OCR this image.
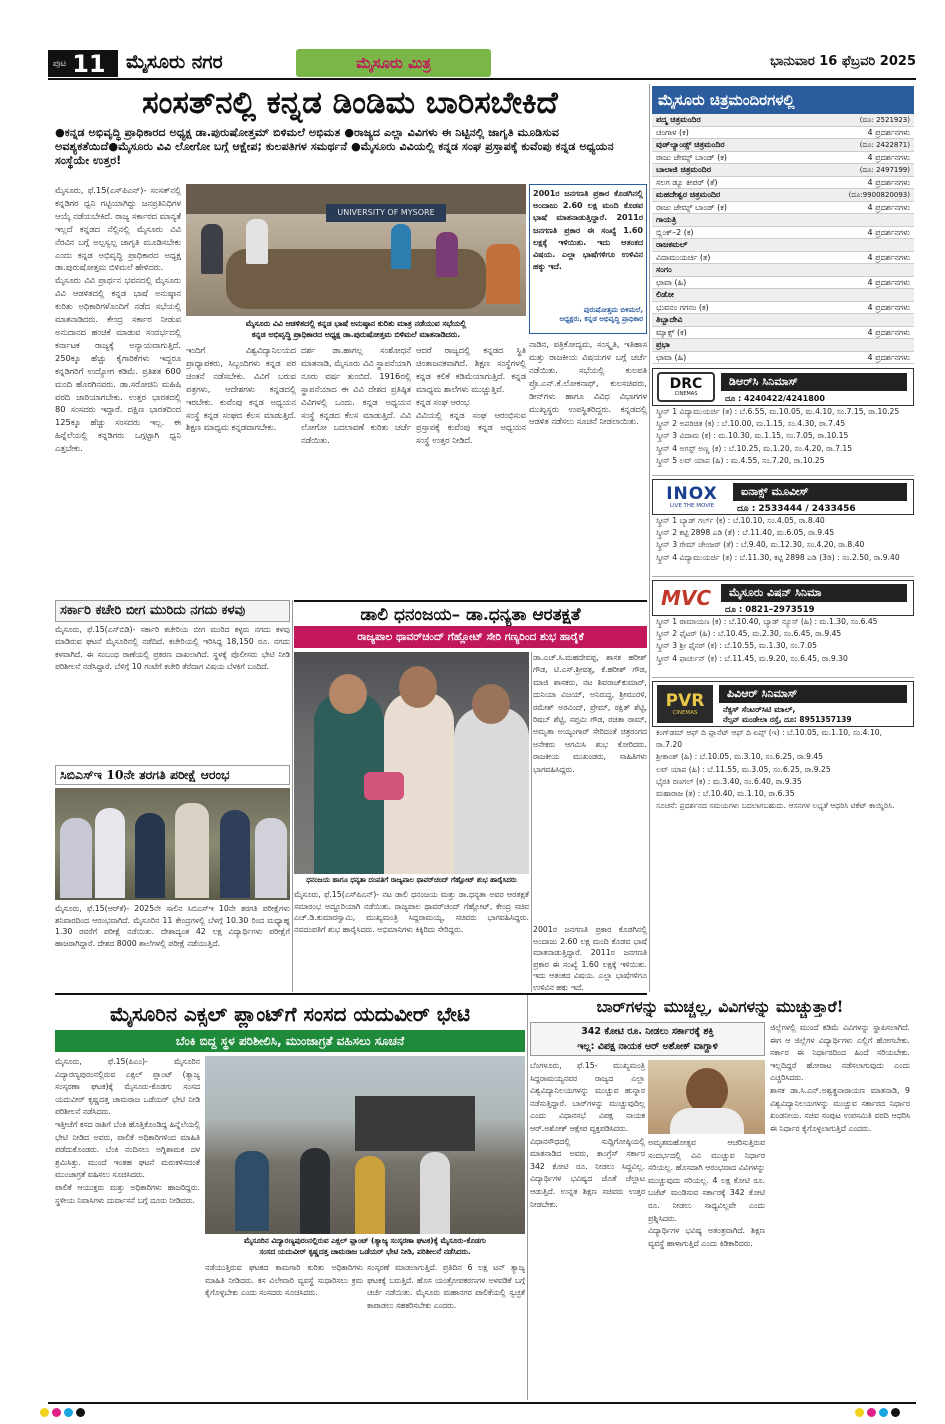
ಪುಟ 11 ಮೈಸೂರು ನಗರ	ಮೈಸೂರು ಮಿತ್ರ	ಭಾನುವಾರ 16 ಫೆಬ್ರವರಿ 2025
ಸಂಸತ್‌ನಲ್ಲಿ ಕನ್ನಡ ಡಿಂಡಿಮ ಬಾರಿಸಬೇಕಿದೆ
●ಕನ್ನಡ ಅಭಿವೃದ್ಧಿ ಪ್ರಾಧಿಕಾರದ ಅಧ್ಯಕ್ಷ ಡಾ.ಪುರುಷೋತ್ತಮ್ ಬಿಳಿಮಲೆ ಅಭಿಮತ ●ರಾಜ್ಯದ ಎಲ್ಲಾ ವಿವಿಗಳು ಈ ನಿಟ್ಟಿನಲ್ಲಿ ಜಾಗೃತಿ ಮೂಡಿಸುವ ಅವಶ್ಯಕತೆಯಿದೆ●ಮೈಸೂರು ವಿವಿ ಲೋಗೋ ಬಗ್ಗೆ ಆಕ್ಷೇಪ; ಕುಲಪತಿಗಳ ಸಮರ್ಥನೆ ●ಮೈಸೂರು ವಿವಿಯಲ್ಲಿ ಕನ್ನಡ ಸಂಘ ಪ್ರಸ್ತಾಪಕ್ಕೆ ಕುವೆಂಪು ಕನ್ನಡ ಅಧ್ಯಯನ ಸಂಸ್ಥೆಯೇ ಉತ್ತರ!
ಮೈಸೂರು, ಫೆ.15(ಎಸ್‌ಪಿಎನ್)- ಸಂಸತ್‌ನಲ್ಲಿ ಕನ್ನಡಿಗರ ಧ್ವನಿ ಗಟ್ಟಿಯಾಗಿದ್ದು ಜನಪ್ರತಿನಿಧಿಗಳ ಆಯ್ಕೆ ನಡೆಯಬೇಕಿದೆ. ರಾಜ್ಯ ಸರ್ಕಾರದ ಮಾನ್ಯತೆ ಇಲ್ಲದೆ ಕನ್ನಡದ ನೆಲ್ಲಿನಲ್ಲಿ ಮೈಸೂರು ವಿವಿ ನೆರವಿನ ಬಗ್ಗೆ ಅಲ್ಪಸ್ವಲ್ಪ ಜಾಗೃತಿ ಮೂಡಿಸಬೇಕು ಎಂದು ಕನ್ನಡ ಅಭಿವೃದ್ಧಿ ಪ್ರಾಧಿಕಾರದ ಅಧ್ಯಕ್ಷ ಡಾ.ಪುರುಷೋತ್ತಮ ಬಿಳಿಮಲೆ ಹೇಳಿದರು.
ಮೈಸೂರು ವಿವಿ ಪ್ರಾರ್ಥನ ಭವನದಲ್ಲಿ ಮೈಸೂರು ವಿವಿ ಆಡಳಿತದಲ್ಲಿ ಕನ್ನಡ ಭಾಷೆ ಅನುಷ್ಠಾನ ಕುರಿತು ಅಧಿಕಾರಿಗಳೊಂದಿಗೆ ನಡೆದ ಸಭೆಯಲ್ಲಿ ಮಾತನಾಡಿದರು. ಕೇಂದ್ರ ಸರ್ಕಾರ ನೀಡುವ ಅನುದಾನದ ಹಂಚಿಕೆ ಮಾಡುವ ಸಂದರ್ಭದಲ್ಲಿ ಕರ್ನಾಟಕ ರಾಜ್ಯಕ್ಕೆ ಅನ್ಯಾಯವಾಗುತ್ತಿದೆ. 250ಕ್ಕೂ ಹೆಚ್ಚು ಕೈಗಾರಿಕೆಗಳು ಇದ್ದರೂ ಕನ್ನಡಿಗರಿಗೆ ಉದ್ಯೋಗ ಕಡಿಮೆ. ಪ್ರತಿಶತ 600 ಮಂದಿ ಹೊರಗಿನವರು. ಡಾ.ಸರೋಜಿನಿ ಮಹಿಷಿ ವರದಿ ಜಾರಿಯಾಗಬೇಕು. ಉತ್ತರ ಭಾರತದಲ್ಲಿ 80 ಸಂಸದರು ಇದ್ದಾರೆ. ದಕ್ಷಿಣ ಭಾರತದಿಂದ 125ಕ್ಕೂ ಹೆಚ್ಚು ಸಂಸದರು ಇಲ್ಲ. ಈ ಹಿನ್ನೆಲೆಯಲ್ಲಿ ಕನ್ನಡಿಗರು ಒಗ್ಗಟ್ಟಾಗಿ ಧ್ವನಿ ಎತ್ತಬೇಕು.
UNIVERSITY OF MYSORE
ಮೈಸೂರು ವಿವಿ ಆಡಳಿತದಲ್ಲಿ ಕನ್ನಡ ಭಾಷೆ ಅನುಷ್ಠಾನ ಕುರಿತು ಮಾತ್ರ ನಡೆಯುವ ಸಭೆಯಲ್ಲಿ
ಕನ್ನಡ ಅಭಿವೃದ್ಧಿ ಪ್ರಾಧಿಕಾರದ ಅಧ್ಯಕ್ಷ ಡಾ.ಪುರುಷೋತ್ತಮ ಬಿಳಿಮಲೆ ಮಾತನಾಡಿದರು.
2001ರ ಜನಗಣತಿ ಪ್ರಕಾರ ಕೊಡಗಿನಲ್ಲಿ ಅಂದಾಜು 2.60 ಲಕ್ಷ ಮಂದಿ ಕೊಡವ ಭಾಷೆ ಮಾತನಾಡುತ್ತಿದ್ದಾರೆ. 2011ರ ಜನಗಣತಿ ಪ್ರಕಾರ ಈ ಸಂಖ್ಯೆ 1.60 ಲಕ್ಷಕ್ಕೆ ಇಳಿಯಿತು. ಇದು ಆತಂಕದ ವಿಷಯ. ಎಲ್ಲಾ ಭಾಷೆಗಳಿಗೂ ಉಳಿವಿನ ಹಕ್ಕು ಇದೆ.
ಪುರುಷೋತ್ತಮ ಬಿಳಿಮಲೆ,
ಅಧ್ಯಕ್ಷರು, ಕನ್ನಡ ಅಭಿವೃದ್ಧಿ ಪ್ರಾಧಿಕಾರ
ಇಂದಿಗೆ ವಿಶ್ವವಿದ್ಯಾನಿಲಯದ ಪ್ರಾಧ್ಯಾಪಕರು, ಸಿಬ್ಬಂದಿಗಳು ಕನ್ನಡ ಪರ ಚಿಂತನೆ ನಡೆಸಬೇಕು. ವಿವಿಗೆ ಬರುವ ಪತ್ರಗಳು, ಆದೇಶಗಳು ಕನ್ನಡದಲ್ಲಿ ಇರಬೇಕು. ಕುವೆಂಪು ಕನ್ನಡ ಅಧ್ಯಯನ ಸಂಸ್ಥೆ ಕನ್ನಡ ಸಂಘದ ಕೆಲಸ ಮಾಡುತ್ತಿದೆ. ಶಿಕ್ಷಣ ಮಾಧ್ಯಮ ಕನ್ನಡವಾಗಬೇಕು.
ದರ್ಶ ಡಾ.ಹಾಗಲ್ಲ ಸಂಶೋಧನೆ ಮಾತನಾಡಿ, ಮೈಸೂರು ವಿವಿ ಸ್ಥಾಪನೆಯಾಗಿ ನೂರು ವರ್ಷ ತುಂಬಿದೆ. 1916ರಲ್ಲಿ ಸ್ಥಾಪನೆಯಾದ ಈ ವಿವಿ ದೇಶದ ಪ್ರತಿಷ್ಠಿತ ವಿವಿಗಳಲ್ಲಿ ಒಂದು. ಕನ್ನಡ ಅಧ್ಯಯನ ಸಂಸ್ಥೆ ಕನ್ನಡದ ಕೆಲಸ ಮಾಡುತ್ತಿದೆ. ವಿವಿ ಲೋಗೋ ಬದಲಾವಣೆ ಕುರಿತು ಚರ್ಚೆ ನಡೆಯಿತು.
ಆದರೆ ರಾಜ್ಯದಲ್ಲಿ ಕನ್ನಡದ ಸ್ಥಿತಿ ಚಿಂತಾಜನಕವಾಗಿದೆ. ಶಿಕ್ಷಣ ಸಂಸ್ಥೆಗಳಲ್ಲಿ ಕನ್ನಡ ಕಲಿಕೆ ಕಡಿಮೆಯಾಗುತ್ತಿದೆ. ಕನ್ನಡ ಮಾಧ್ಯಮ ಶಾಲೆಗಳು ಮುಚ್ಚುತ್ತಿವೆ.
ಕನ್ನಡ ಸಂಘ ಆರಂಭ
ವಿವಿಯಲ್ಲಿ ಕನ್ನಡ ಸಂಘ ಆರಂಭಿಸುವ ಪ್ರಸ್ತಾಪಕ್ಕೆ ಕುವೆಂಪು ಕನ್ನಡ ಅಧ್ಯಯನ ಸಂಸ್ಥೆ ಉತ್ತರ ನೀಡಿದೆ.
ನಾಡಿನ, ಪತ್ರಿಕೋದ್ಯಮ, ಸಂಸ್ಕೃತಿ, ಇತಿಹಾಸ ಮತ್ತು ರಾಜಕೀಯ ವಿಷಯಗಳ ಬಗ್ಗೆ ಚರ್ಚೆ ನಡೆಯಿತು. ಸಭೆಯಲ್ಲಿ ಕುಲಪತಿ ಪ್ರೊ.ಎನ್.ಕೆ.ಲೋಕನಾಥ್, ಕುಲಸಚಿವರು, ಡೀನ್‌ಗಳು ಹಾಗೂ ವಿವಿಧ ವಿಭಾಗಗಳ ಮುಖ್ಯಸ್ಥರು ಉಪಸ್ಥಿತರಿದ್ದರು. ಕನ್ನಡದಲ್ಲಿ ಆಡಳಿತ ನಡೆಸಲು ಸೂಚನೆ ನೀಡಲಾಯಿತು.
ಸರ್ಕಾರಿ ಕಚೇರಿ ಬೀಗ ಮುರಿದು ನಗದು ಕಳವು
ಮೈಸೂರು, ಫೆ.15(ಎಸ್‌ಬಿಡಿ)- ಸರ್ಕಾರಿ ಕಚೇರಿಯ ಬೀಗ ಮುರಿದ ಕಳ್ಳರು ನಗದು ಕಳವು ಮಾಡಿರುವ ಘಟನೆ ಮೈಸೂರಿನಲ್ಲಿ ನಡೆದಿದೆ. ಕಚೇರಿಯಲ್ಲಿ ಇರಿಸಿದ್ದ 18,150 ರೂ. ನಗದು ಕಳವಾಗಿದೆ. ಈ ಸಂಬಂಧ ಠಾಣೆಯಲ್ಲಿ ಪ್ರಕರಣ ದಾಖಲಾಗಿದೆ. ಸ್ಥಳಕ್ಕೆ ಪೊಲೀಸರು ಭೇಟಿ ನೀಡಿ ಪರಿಶೀಲನೆ ನಡೆಸಿದ್ದಾರೆ. ಬೆಳಿಗ್ಗೆ 10 ಗಂಟೆಗೆ ಕಚೇರಿ ತೆರೆದಾಗ ವಿಷಯ ಬೆಳಕಿಗೆ ಬಂದಿದೆ.
ಸಿಬಿಎಸ್‌ಇ 10ನೇ ತರಗತಿ ಪರೀಕ್ಷೆ ಆರಂಭ
ಮೈಸೂರು, ಫೆ.15(ಆರ್‌ಕೆ)- 2025ನೇ ಸಾಲಿನ ಸಿಬಿಎಸ್‌ಇ 10ನೇ ತರಗತಿ ಪರೀಕ್ಷೆಗಳು ಶನಿವಾರದಿಂದ ಆರಂಭವಾಗಿದೆ. ಮೈಸೂರಿನ 11 ಕೇಂದ್ರಗಳಲ್ಲಿ ಬೆಳಗ್ಗೆ 10.30 ರಿಂದ ಮಧ್ಯಾಹ್ನ 1.30 ರವರೆಗೆ ಪರೀಕ್ಷೆ ನಡೆಯಿತು. ದೇಶಾದ್ಯಂತ 42 ಲಕ್ಷ ವಿದ್ಯಾರ್ಥಿಗಳು ಪರೀಕ್ಷೆಗೆ ಹಾಜರಾಗಿದ್ದಾರೆ. ದೇಶದ 8000 ಶಾಲೆಗಳಲ್ಲಿ ಪರೀಕ್ಷೆ ನಡೆಯುತ್ತಿದೆ.
ಡಾಲಿ ಧನಂಜಯ– ಡಾ.ಧನ್ಯತಾ ಆರತಕ್ಷತೆ
ರಾಜ್ಯಪಾಲ ಥಾವರ್‌ಚಂದ್ ಗೆಹ್ಲೋಟ್ ಸೇರಿ ಗಣ್ಯರಿಂದ ಶುಭ ಹಾರೈಕೆ
ಧನಂಜಯ ಹಾಗೂ ಧನ್ಯತಾ ದಂಪತಿಗೆ ರಾಜ್ಯಪಾಲ ಥಾವರ್‌ಚಂದ್ ಗೆಹ್ಲೋಟ್ ಶುಭ ಹಾರೈಸಿದರು
ಡಾ.ಎಚ್.ಸಿ.ಮಹದೇವಪ್ಪ, ಶಾಸಕ ಹರೀಶ್ ಗೌಡ, ಟಿ.ಎಸ್.ಶ್ರೀವತ್ಸ, ಕೆ.ಹರೀಶ್ ಗೌಡ, ಮಾಜಿ ಶಾಸಕರು, ನಟ ಶಿವರಾಜ್‌ಕುಮಾರ್, ದುನಿಯಾ ವಿಜಯ್, ಅನಿರುದ್ಧ, ಶ್ರೀಮುರಳಿ, ರಮೇಶ್ ಅರವಿಂದ್, ಪ್ರೇಮ್, ರಕ್ಷಿತ್ ಶೆಟ್ಟಿ, ರಿಷಬ್ ಶೆಟ್ಟಿ, ಸಪ್ತಮಿ ಗೌಡ, ರಚಿತಾ ರಾಮ್, ಅಮೃತಾ ಅಯ್ಯಂಗಾರ್ ಸೇರಿದಂತೆ ಚಿತ್ರರಂಗದ ಅನೇಕರು ಆಗಮಿಸಿ ಶುಭ ಕೋರಿದರು. ರಾಜಕೀಯ ಮುಖಂಡರು, ಸಾಹಿತಿಗಳು ಭಾಗವಹಿಸಿದ್ದರು.
ಮೈಸೂರು, ಫೆ.15(ಎಸ್‌ಪಿಎನ್)- ನಟ ಡಾಲಿ ಧನಂಜಯ ಮತ್ತು ಡಾ.ಧನ್ಯತಾ ಅವರ ಆರತಕ್ಷತೆ ಸಮಾರಂಭ ಅದ್ದೂರಿಯಾಗಿ ನಡೆಯಿತು. ರಾಜ್ಯಪಾಲ ಥಾವರ್‌ಚಂದ್ ಗೆಹ್ಲೋಟ್, ಕೇಂದ್ರ ಸಚಿವ ಎಚ್.ಡಿ.ಕುಮಾರಸ್ವಾಮಿ, ಮುಖ್ಯಮಂತ್ರಿ ಸಿದ್ದರಾಮಯ್ಯ, ಸಚಿವರು ಭಾಗವಹಿಸಿದ್ದರು. ನವದಂಪತಿಗೆ ಶುಭ ಹಾರೈಸಿದರು. ಅಭಿಮಾನಿಗಳು ಕಿಕ್ಕಿರಿದು ಸೇರಿದ್ದರು.	2001ರ ಜನಗಣತಿ ಪ್ರಕಾರ ಕೊಡಗಿನಲ್ಲಿ ಅಂದಾಜು 2.60 ಲಕ್ಷ ಮಂದಿ ಕೊಡವ ಭಾಷೆ ಮಾತನಾಡುತ್ತಿದ್ದಾರೆ. 2011ರ ಜನಗಣತಿ ಪ್ರಕಾರ ಈ ಸಂಖ್ಯೆ 1.60 ಲಕ್ಷಕ್ಕೆ ಇಳಿಯಿತು. ಇದು ಆತಂಕದ ವಿಷಯ. ಎಲ್ಲಾ ಭಾಷೆಗಳಿಗೂ ಉಳಿವಿನ ಹಕ್ಕು ಇದೆ.
ಮೈಸೂರಿನ ಎಕ್ಸಲ್ ಪ್ಲಾಂಟ್‌ಗೆ ಸಂಸದ ಯದುವೀರ್ ಭೇಟಿ
ಬೆಂಕಿ ಬಿದ್ದ ಸ್ಥಳ ಪರಿಶೀಲಿಸಿ, ಮುಂಜಾಗ್ರತೆ ವಹಿಸಲು ಸೂಚನೆ
ಮೈಸೂರು, ಫೆ.15(ಪಿಎಂ)- ಮೈಸೂರಿನ ವಿದ್ಯಾರಣ್ಯಪುರಂನಲ್ಲಿರುವ ಎಕ್ಸಲ್ ಪ್ಲಾಂಟ್ (ತ್ಯಾಜ್ಯ ಸಂಸ್ಕರಣಾ ಘಟಕ)ಕ್ಕೆ ಮೈಸೂರು-ಕೊಡಗು ಸಂಸದ ಯದುವೀರ್ ಕೃಷ್ಣದತ್ತ ಚಾಮರಾಜ ಒಡೆಯರ್ ಭೇಟಿ ನೀಡಿ ಪರಿಶೀಲನೆ ನಡೆಸಿದರು.
ಇತ್ತೀಚೆಗೆ ಕಸದ ರಾಶಿಗೆ ಬೆಂಕಿ ಹೊತ್ತಿಕೊಂಡಿದ್ದ ಹಿನ್ನೆಲೆಯಲ್ಲಿ ಭೇಟಿ ನೀಡಿದ ಅವರು, ಪಾಲಿಕೆ ಅಧಿಕಾರಿಗಳಿಂದ ಮಾಹಿತಿ ಪಡೆದುಕೊಂಡರು. ಬೆಂಕಿ ನಂದಿಸಲು ಅಗ್ನಿಶಾಮಕ ದಳ ಶ್ರಮಿಸಿತ್ತು. ಮುಂದೆ ಇಂತಹ ಘಟನೆ ಮರುಕಳಿಸದಂತೆ ಮುಂಜಾಗ್ರತೆ ವಹಿಸಲು ಸೂಚಿಸಿದರು.
ಪಾಲಿಕೆ ಆಯುಕ್ತರು ಮತ್ತು ಅಧಿಕಾರಿಗಳು ಹಾಜರಿದ್ದರು. ಸ್ಥಳೀಯ ನಿವಾಸಿಗಳು ದುರ್ವಾಸನೆ ಬಗ್ಗೆ ದೂರು ನೀಡಿದರು.
ಮೈಸೂರಿನ ವಿದ್ಯಾರಣ್ಯಪುರಂನಲ್ಲಿರುವ ಎಕ್ಸಲ್ ಪ್ಲಾಂಟ್ (ತ್ಯಾಜ್ಯ ಸಂಸ್ಕರಣಾ ಘಟಕ)ಕ್ಕೆ ಮೈಸೂರು-ಕೊಡಗು
ಸಂಸದ ಯದುವೀರ್ ಕೃಷ್ಣದತ್ತ ಚಾಮರಾಜ ಒಡೆಯರ್ ಭೇಟಿ ನೀಡಿ, ಪರಿಶೀಲನೆ ನಡೆಸಿದರು.
ನಡೆಯುತ್ತಿರುವ ಘಟಕದ ಕಾಮಗಾರಿ ಕುರಿತು ಅಧಿಕಾರಿಗಳು ಮಾಹಿತಿ ನೀಡಿದರು. ಕಸ ವಿಲೇವಾರಿ ವ್ಯವಸ್ಥೆ ಸುಧಾರಿಸಲು ಕ್ರಮ ಕೈಗೊಳ್ಳಬೇಕು ಎಂದು ಸಂಸದರು ಸೂಚಿಸಿದರು.
ಸಂಸ್ಕರಣೆ ಮಾಡಲಾಗುತ್ತಿದೆ. ಪ್ರತಿದಿನ 6 ಲಕ್ಷ ಟನ್ ತ್ಯಾಜ್ಯ ಘಟಕಕ್ಕೆ ಬರುತ್ತಿದೆ. ಹೊಸ ಯಂತ್ರೋಪಕರಣಗಳ ಅಳವಡಿಕೆ ಬಗ್ಗೆ ಚರ್ಚೆ ನಡೆಯಿತು. ಮೈಸೂರು ಮಹಾನಗರ ಪಾಲಿಕೆಯಲ್ಲಿ ಸ್ವಚ್ಛತೆ ಕಾಪಾಡಲು ಸಹಕರಿಸಬೇಕು ಎಂದರು.
ಬಾರ್‌ಗಳನ್ನು ಮುಚ್ಚಲ್ಲ, ವಿವಿಗಳನ್ನು ಮುಚ್ಚುತ್ತಾರೆ!
342 ಕೋಟಿ ರೂ. ನೀಡಲು ಸರ್ಕಾರಕ್ಕೆ ಶಕ್ತಿ
ಇಲ್ಲ: ವಿಪಕ್ಷ ನಾಯಕ ಆರ್ ಅಶೋಕ್ ವಾಗ್ದಾಳಿ
ಬೆಂಗಳೂರು, ಫೆ.15- ಮುಖ್ಯಮಂತ್ರಿ ಸಿದ್ದರಾಮಯ್ಯನವರ ರಾಜ್ಯದ ಎಲ್ಲಾ ವಿಶ್ವವಿದ್ಯಾನಿಲಯಗಳನ್ನು ಮುಚ್ಚುವ ಹುನ್ನಾರ ನಡೆಸುತ್ತಿದ್ದಾರೆ. ಬಾರ್‌ಗಳನ್ನು ಮುಚ್ಚುವುದಿಲ್ಲ ಎಂದು ವಿಧಾನಸಭೆ ವಿಪಕ್ಷ ನಾಯಕ ಆರ್.ಅಶೋಕ್ ಆಕ್ಷೇಪ ವ್ಯಕ್ತಪಡಿಸಿದರು.
ವಿಧಾನಸೌಧದಲ್ಲಿ ಸುದ್ದಿಗೋಷ್ಠಿಯಲ್ಲಿ ಮಾತನಾಡಿದ ಅವರು, ಕಾಂಗ್ರೆಸ್ ಸರ್ಕಾರ 342 ಕೋಟಿ ರೂ. ನೀಡಲು ಸಿದ್ಧವಿಲ್ಲ. ವಿದ್ಯಾರ್ಥಿಗಳ ಭವಿಷ್ಯದ ಜೊತೆ ಚೆಲ್ಲಾಟ ಆಡುತ್ತಿದೆ. ಉನ್ನತ ಶಿಕ್ಷಣ ಸಚಿವರು ಉತ್ತರ ನೀಡಬೇಕು.
ಅಮೃತಮಹೋತ್ಸವ ಆಚರಿಸುತ್ತಿರುವ ಸಂದರ್ಭದಲ್ಲಿ ವಿವಿ ಮುಚ್ಚುವ ನಿರ್ಧಾರ ಸರಿಯಲ್ಲ. ಹೊಸದಾಗಿ ಆರಂಭವಾದ ವಿವಿಗಳನ್ನು ಮುಚ್ಚುವುದು ಸರಿಯಲ್ಲ. 4 ಲಕ್ಷ ಕೋಟಿ ರೂ. ಬಜೆಟ್ ಮಂಡಿಸುವ ಸರ್ಕಾರಕ್ಕೆ 342 ಕೋಟಿ ರೂ. ನೀಡಲು ಸಾಧ್ಯವಿಲ್ಲವೇ ಎಂದು ಪ್ರಶ್ನಿಸಿದರು.
ವಿದ್ಯಾರ್ಥಿಗಳ ಭವಿಷ್ಯ ಅತಂತ್ರವಾಗಿದೆ. ಶಿಕ್ಷಣ ವ್ಯವಸ್ಥೆ ಹಾಳಾಗುತ್ತಿದೆ ಎಂದು ಕಿಡಿಕಾರಿದರು.
ಜಿಲ್ಲೆಗಳಲ್ಲಿ ಮುಂದೆ ಕಡಿಮೆ ವಿವಿಗಳನ್ನು ಸ್ಥಾಪಿಸಲಾಗಿದೆ. ಈಗ ಆ ಜಿಲ್ಲೆಗಳ ವಿದ್ಯಾರ್ಥಿಗಳು ಎಲ್ಲಿಗೆ ಹೋಗಬೇಕು. ಸರ್ಕಾರ ಈ ನಿರ್ಧಾರದಿಂದ ಹಿಂದೆ ಸರಿಯಬೇಕು. ಇಲ್ಲದಿದ್ದರೆ ಹೋರಾಟ ನಡೆಸಲಾಗುವುದು ಎಂದು ಎಚ್ಚರಿಸಿದರು.
ಶಾಸಕ ಡಾ.ಸಿ.ಎನ್.ಅಶ್ವತ್ಥನಾರಾಯಣ ಮಾತನಾಡಿ, 9 ವಿಶ್ವವಿದ್ಯಾನಿಲಯಗಳನ್ನು ಮುಚ್ಚುವ ಸರ್ಕಾರದ ನಿರ್ಧಾರ ಖಂಡನೀಯ. ಸಚಿವ ಸಂಪುಟ ಉಪಸಮಿತಿ ವರದಿ ಆಧರಿಸಿ ಈ ನಿರ್ಧಾರ ಕೈಗೊಳ್ಳಲಾಗುತ್ತಿದೆ ಎಂದರು.
ಮೈಸೂರು ಚಿತ್ರಮಂದಿರಗಳಲ್ಲಿ
ಪದ್ಮ ಚಿತ್ರಮಂದಿರ	(ದೂ: 2521923)
ಚಂಗಾಳ (ಕ)	4 ಪ್ರದರ್ಶನಗಳು
ವುಡ್‌ಲ್ಯಾಂಡ್ಸ್ ಚಿತ್ರಮಂದಿರ	(ದೂ: 2422871)
ರಾಜು ಜೇಮ್ಸ್ ಬಾಂಡ್ (ಕ)	4 ಪ್ರದರ್ಶನಗಳು
ಬಾಲಾಜಿ ಚಿತ್ರಮಂದಿರ	(ದೂ: 2497199)
ಸಲಗ ಡ್ಯೂ ಕೀಪರ್ (ತೆ)	4 ಪ್ರದರ್ಶನಗಳು
ಮಹದೇಶ್ವರ ಚಿತ್ರಮಂದಿರ	(ದೂ:9900820093)
ರಾಜು ಜೇಮ್ಸ್ ಬಾಂಡ್ (ಕ)	4 ಪ್ರದರ್ಶನಗಳು
ಗಾಯತ್ರಿ
ಬ್ಲಿಂಕ್–2 (ಕ)	4 ಪ್ರದರ್ಶನಗಳು
ರಾಜಕಮಲ್
ವಿದಾಮುಯರ್ಚಿ (ತ)	4 ಪ್ರದರ್ಶನಗಳು
ಸಂಗಂ
ಛಾವಾ (ಹಿ)	4 ಪ್ರದರ್ಶನಗಳು
ಲಿಡೋ
ಭುವನಂ ಗಗನಂ (ಕ)	4 ಪ್ರದರ್ಶನಗಳು
ತಿಬ್ಬಾದೇವಿ
ಮ್ಯಾಕ್ಸ್ (ಕ)	4 ಪ್ರದರ್ಶನಗಳು
ಪ್ರಭಾ
ಛಾವಾ (ಹಿ)	4 ಪ್ರದರ್ಶನಗಳು
DRC
CINEMAS
ಡಿಆರ್‌ಸಿ ಸಿನಿಮಾಸ್
ದೂ : 4240422/4241800
ಸ್ಕ್ರೀನ್ 1 ವಿದ್ಯಾಮುಯರ್ಚಿ (ತ) : ಬೆ.6.55, ಮ.10.05, ಮ.4.10, ಸಂ.7.15, ರಾ.10.25
ಸ್ಕ್ರೀನ್ 2 ಅಪರಿಚಿತ (ಕ) : ಬೆ.10.00, ಮ.1.15, ಸಂ.4.30, ರಾ.7.45
ಸ್ಕ್ರೀನ್ 3 ವಿದಾಮ (ಕ) : ಮ.10.30, ಮ.1.15, ಸಂ.7.05, ರಾ.10.15
ಸ್ಕ್ರೀನ್ 4 ಅಗಸ್ಟ್ ಅಣ್ಣ (ಕ) : ಬೆ.10.25, ಮ.1.20, ಸಂ.4.20, ರಾ.7.15
ಸ್ಕ್ರೀನ್ 5 ಲವ್ ಯಾಪ (ಹಿ) : ಮ.4.55, ಸಂ.7.20, ರಾ.10.25
INOX
LIVE THE MOVIE
ಐನಾಕ್ಸ್ ಮೂವೀಸ್
ದೂ : 2533444 / 2433456
ಸ್ಕ್ರೀನ್ 1 ಬ್ಯಾಡ್ ಗರ್ಲ್ (ಕ) : ಬೆ.10.10, ಸಂ.4.05, ರಾ.8.40
ಸ್ಕ್ರೀನ್ 2 ಕಟ್ಟಿ 2898 ಎಡಿ (ತೆ) : ಬೆ.11.40, ಮ.6.05, ರಾ.9.45
ಸ್ಕ್ರೀನ್ 3 ಗೇಮ್ ಚೇಂಜರ್ (ತೆ) : ಬೆ.9.40, ಮ.12.30, ಸಂ.4.20, ರಾ.8.40
ಸ್ಕ್ರೀನ್ 4 ವಿದ್ಯಾಮುಯರ್ಚಿ (ತ) : ಬೆ.11.30, ಕಟ್ಟಿ 2898 ಎಡಿ (3ಡಿ) : ಸಂ.2.50, ರಾ.9.40
MVC	ಮೈಸೂರು ವಿಷನ್ ಸಿನಿಮಾ
ದೂ : 0821–2973519
ಸ್ಕ್ರೀನ್ 1 ರಾಮಾಯಣ (ಕ) : ಬೆ.10.40, ಬ್ಯಾಡ್ ನ್ಯೂಸ್ (ಹಿ) : ಮ.1.30, ಸಂ.6.45
ಸ್ಕ್ರೀನ್ 2 ಫೈಟರ್ (ಹಿ) : ಬೆ.10.45, ಮ.2.30, ಸಂ.6.45, ರಾ.9.45
ಸ್ಕ್ರೀನ್ 3 ಶ್ರೀ ಫೈನರ್ (ಕ) : ಬೆ.10.55, ಮ.1.30, ಸಂ.7.05
ಸ್ಕ್ರೀನ್ 4 ಫಾರ್ಚುನ್ (ಕ) : ಬೆ.11.45, ಮ.9.20, ಸಂ.6.45, ರಾ.9.30
PVR
CINEMAS
ಪಿವಿಆರ್ ಸಿನಿಮಾಸ್
ನೆಕ್ಸಸ್ ಸೆಂಟರ್‌ಸಿಟಿ ಮಾಲ್,
ನೆಲ್ಸನ್ ಮಂಡೇಲಾ ರಸ್ತೆ, ದೂ: 8951357139
ಕಿಂಗ್‌ಡಮ್ ಆಫ್ ದಿ ಪ್ಲಾನೆಟ್ ಆಫ್ ದಿ ಏಪ್ಸ್ (ಇ) : ಬೆ.10.05, ಮ.1.10, ಸಂ.4.10, ರಾ.7.20
ಶ್ರೀಕಾಂತ್ (ಹಿ) : ಬೆ.10.05, ಮ.3.10, ಸಂ.6.25, ರಾ.9.45
ಲವ್ ಯಾಪ (ಹಿ) : ಬೆ.11.55, ಮ.3.05, ಸಂ.6.25, ರಾ.9.25
ಭೈರತಿ ರಣಗಲ್ (ಕ) : ಮ.3.40, ಸಂ.6.40, ರಾ.9.35
ಮಹಾರಾಜ (ತ) : ಬೆ.10.40, ಮ.1.10, ರಾ.6.35
ಸೂಚನೆ: ಪ್ರದರ್ಶನದ ಸಮಯಗಳು ಬದಲಾಗಬಹುದು. ಆಸನಗಳ ಲಭ್ಯತೆ ಆಧರಿಸಿ ಟಿಕೆಟ್ ಕಾಯ್ದಿರಿಸಿ.
